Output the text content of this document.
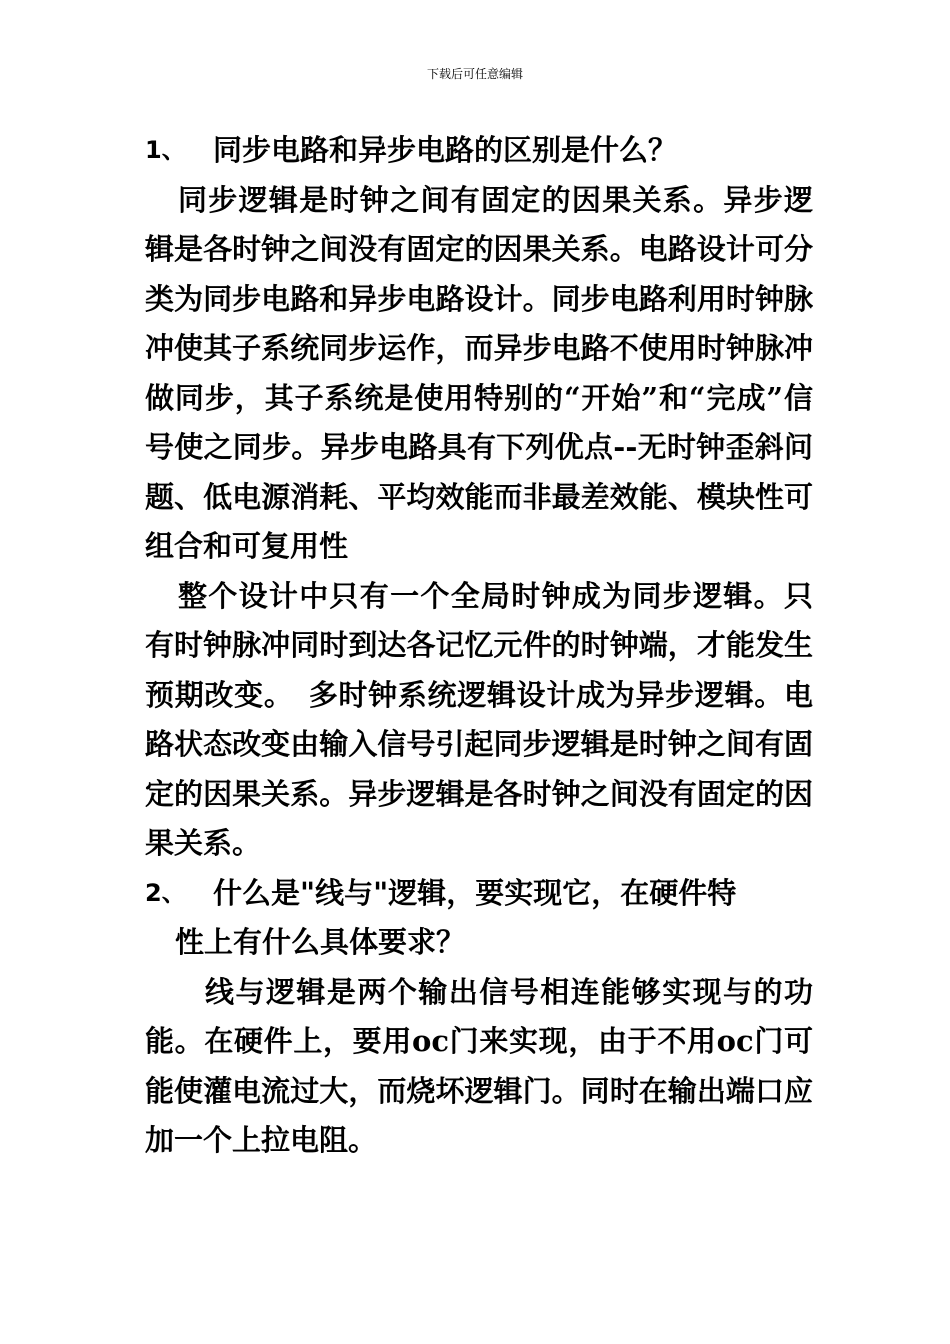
下载后可任意编辑
1、 同步电路和异步电路的区别是什么？

同步逻辑是时钟之间有固定的因果关系。异步逻辑是各时钟之间没有固定的因果关系。电路设计可分类为同步电路和异步电路设计。同步电路利用时钟脉冲使其子系统同步运作，而异步电路不使用时钟脉冲做同步，其子系统是使用特别的“开始”和“完成”信号使之同步。异步电路具有下列优点--无时钟歪斜问题、低电源消耗、平均效能而非最差效能、模块性可组合和可复用性

整个设计中只有一个全局时钟成为同步逻辑。只有时钟脉冲同时到达各记忆元件的时钟端，才能发生预期改变。　多时钟系统逻辑设计成为异步逻辑。电路状态改变由输入信号引起同步逻辑是时钟之间有固定的因果关系。异步逻辑是各时钟之间没有固定的因果关系。

2、 什么是"线与"逻辑，要实现它，在硬件特

性上有什么具体要求？

线与逻辑是两个输出信号相连能够实现与的功能。在硬件上，要用oc门来实现，由于不用oc门可能使灌电流过大，而烧坏逻辑门。同时在输出端口应加一个上拉电阻。
